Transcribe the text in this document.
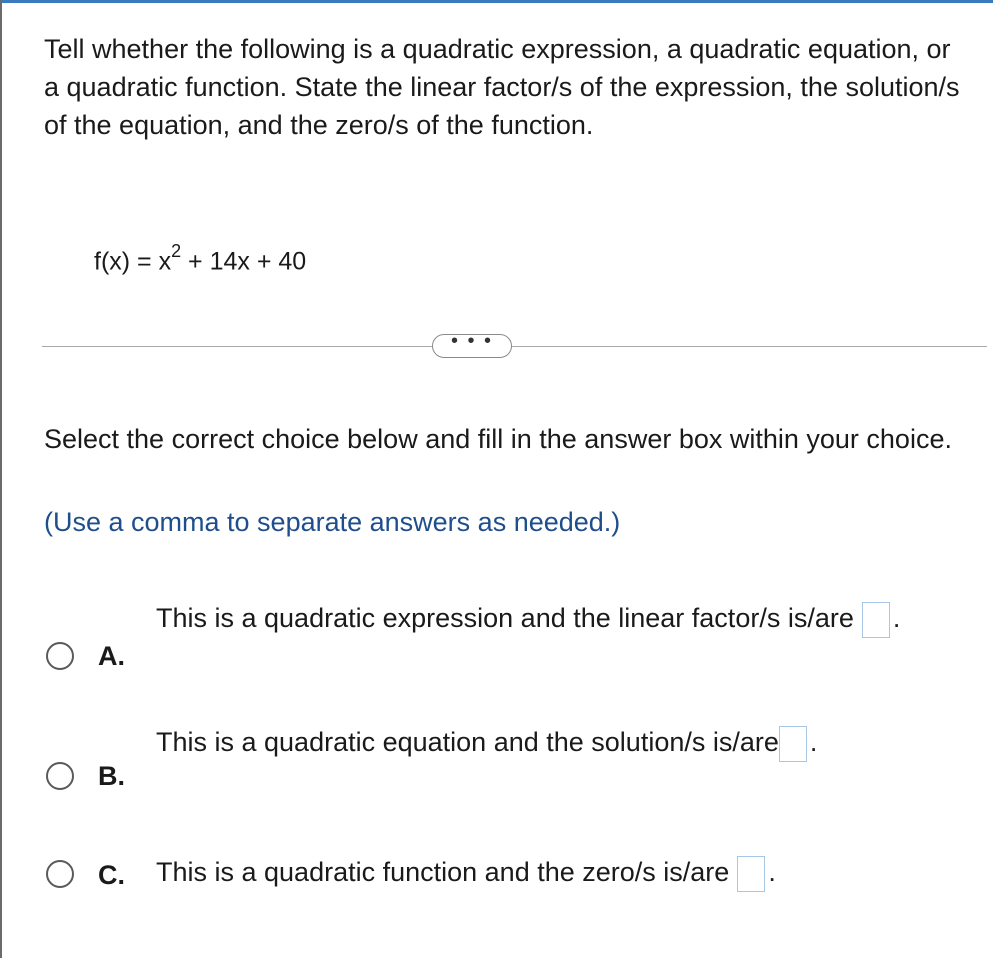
Tell whether the following is a quadratic expression, a quadratic equation, or a quadratic function. State the linear factor/s of the expression, the solution/s of the equation, and the zero/s of the function.

$f(x) = x^2 + 14x + 40$
• • •

Select the correct choice below and fill in the answer box within your choice.

(Use a comma to separate answers as needed.)

A.
This is a quadratic expression and the linear factor/s is/are .
B.
This is a quadratic equation and the solution/s is/are .
C. This is a quadratic function and the zero/s is/are .
